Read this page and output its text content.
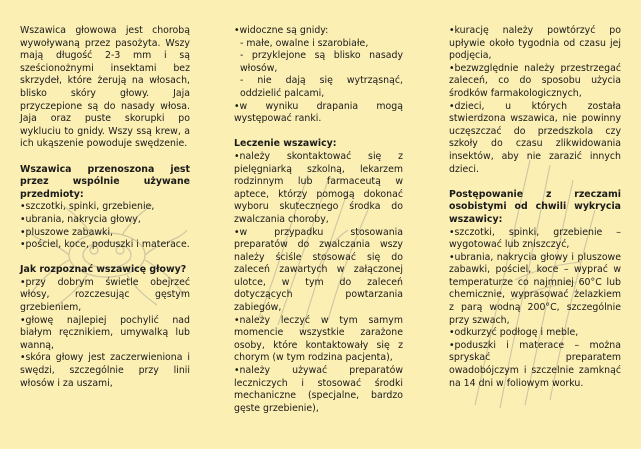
Wszawica głowowa jest chorobą wywoływaną przez pasożyta. Wszy mają długość 2-3 mm i są sześcionożnymi insektami bez skrzydeł, które żerują na włosach, blisko skóry głowy. Jaja przyczepione są do nasady włosa. Jaja oraz puste skorupki po wykluciu to gnidy. Wszy ssą krew, a ich ukąszenie powoduje swędzenie.

Wszawica przenoszona jest przez wspólnie używane przedmioty:

•szczotki, spinki, grzebienie,

•ubrania, nakrycia głowy,

•pluszowe zabawki,

•pościel, koce, poduszki i materace.

Jak rozpoznać wszawicę głowy?

•przy dobrym świetle obejrzeć włosy, rozczesując gęstym grzebieniem,

•głowę najlepiej pochylić nad białym ręcznikiem, umywalką lub wanną,

•skóra głowy jest zaczerwieniona i swędzi, szczególnie przy linii włosów i za uszami,

•widoczne są gnidy:

- małe, owalne i szarobiałe,

- przyklejone są blisko nasady włosów,

- nie dają się wytrząsnąć, oddzielić palcami,

•w wyniku drapania mogą występować ranki.

Leczenie wszawicy:

•należy skontaktować się z pielęgniarką szkolną, lekarzem rodzinnym lub farmaceutą w aptece, którzy pomogą dokonać wyboru skutecznego środka do zwalczania choroby,

•w przypadku stosowania preparatów do zwalczania wszy należy ściśle stosować się do zaleceń zawartych w załączonej ulotce, w tym do zaleceń dotyczących powtarzania zabiegów,

•należy leczyć w tym samym momencie wszystkie zarażone osoby, które kontaktowały się z chorym (w tym rodzina pacjenta),

•należy używać preparatów leczniczych i stosować środki mechaniczne (specjalne, bardzo gęste grzebienie),

•kurację należy powtórzyć po upływie około tygodnia od czasu jej podjęcia,

•bezwzględnie należy przestrzegać zaleceń, co do sposobu użycia środków farmakologicznych,

•dzieci, u których została stwierdzona wszawica, nie powinny uczęszczać do przedszkola czy szkoły do czasu zlikwidowania insektów, aby nie zarazić innych dzieci.

Postępowanie z rzeczami osobistymi od chwili wykrycia wszawicy:

•szczotki, spinki, grzebienie – wygotować lub zniszczyć,

•ubrania, nakrycia głowy i pluszowe zabawki, pościel, koce – wyprać w temperaturze co najmniej 60°C lub chemicznie, wyprasować żelazkiem z parą wodną 200°C, szczególnie przy szwach,

•odkurzyć podłogę i meble,

•poduszki i materace – można spryskać preparatem owadobójczym i szczelnie zamknąć na 14 dni w foliowym worku.
